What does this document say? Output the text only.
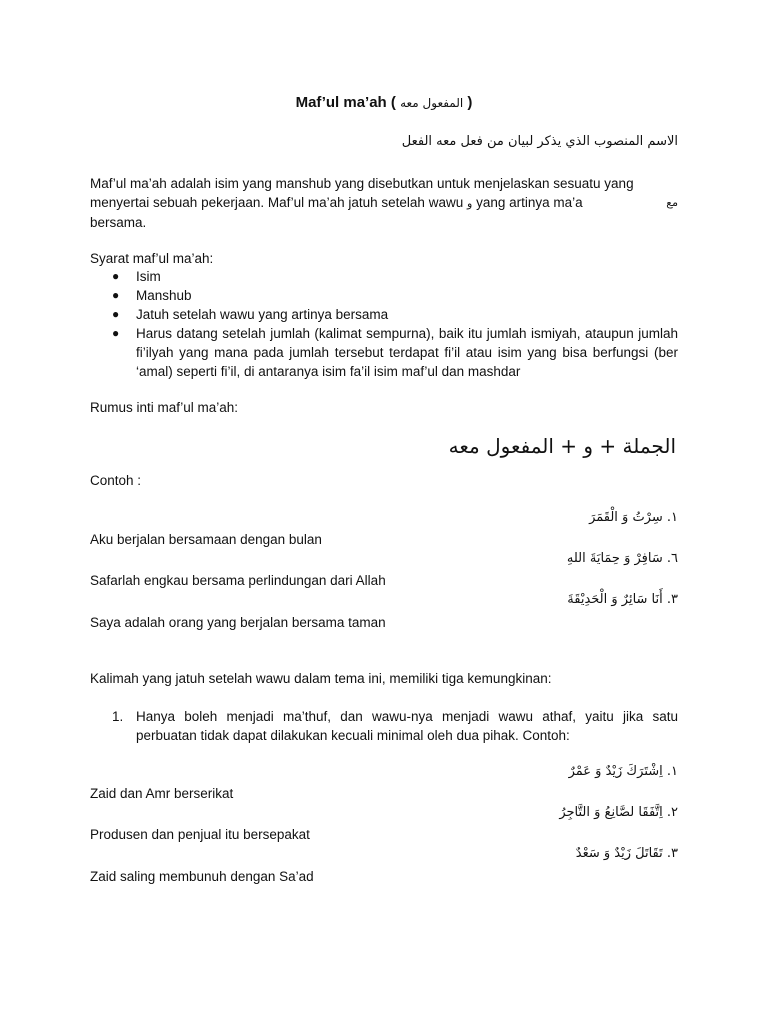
Maf’ul ma’ah ( المفعول معه )
الاسم المنصوب الذي يذكر لبيان من فعل معه الفعل
Maf’ul ma’ah adalah isim yang manshub yang disebutkan untuk menjelaskan sesuatu yang
menyertai sebuah pekerjaan. Maf’ul ma’ah jatuh setelah wawu و yang artinya ma’a
bersama.
مع
Syarat maf’ul ma’ah:
● Isim
● Manshub
● Jatuh setelah wawu yang artinya bersama
● Harus datang setelah jumlah (kalimat sempurna), baik itu jumlah ismiyah, ataupun jumlah fi’ilyah yang mana pada jumlah tersebut terdapat fi’il atau isim yang bisa berfungsi (ber ‘amal) seperti fi’il, di antaranya isim fa’il isim maf’ul dan mashdar
Rumus inti maf’ul ma’ah:
الجملة + و + المفعول معه
Contoh :
١. سِرْتُ وَ الْقَمَرَ
Aku berjalan bersamaan dengan bulan
٦. سَافِرْ وَ حِمَايَةَ اللهِ
Safarlah engkau bersama perlindungan dari Allah
٣. أَنَا سَائِرٌ وَ الْحَدِيْقَةَ
Saya adalah orang yang berjalan bersama taman
Kalimah yang jatuh setelah wawu dalam tema ini, memiliki tiga kemungkinan:
1. Hanya boleh menjadi ma’thuf, dan wawu-nya menjadi wawu athaf, yaitu jika satu perbuatan tidak dapat dilakukan kecuali minimal oleh dua pihak. Contoh:
١. اِشْتَرَكَ زَيْدٌ وَ عَمْرٌ
Zaid dan Amr berserikat
٢. اِتَّفَقَا لصَّانِعُ وَ التَّاجِرُ
Produsen dan penjual itu bersepakat
٣. تَقَاتَلَ زَيْدٌ وَ سَعْدٌ
Zaid saling membunuh dengan Sa’ad
